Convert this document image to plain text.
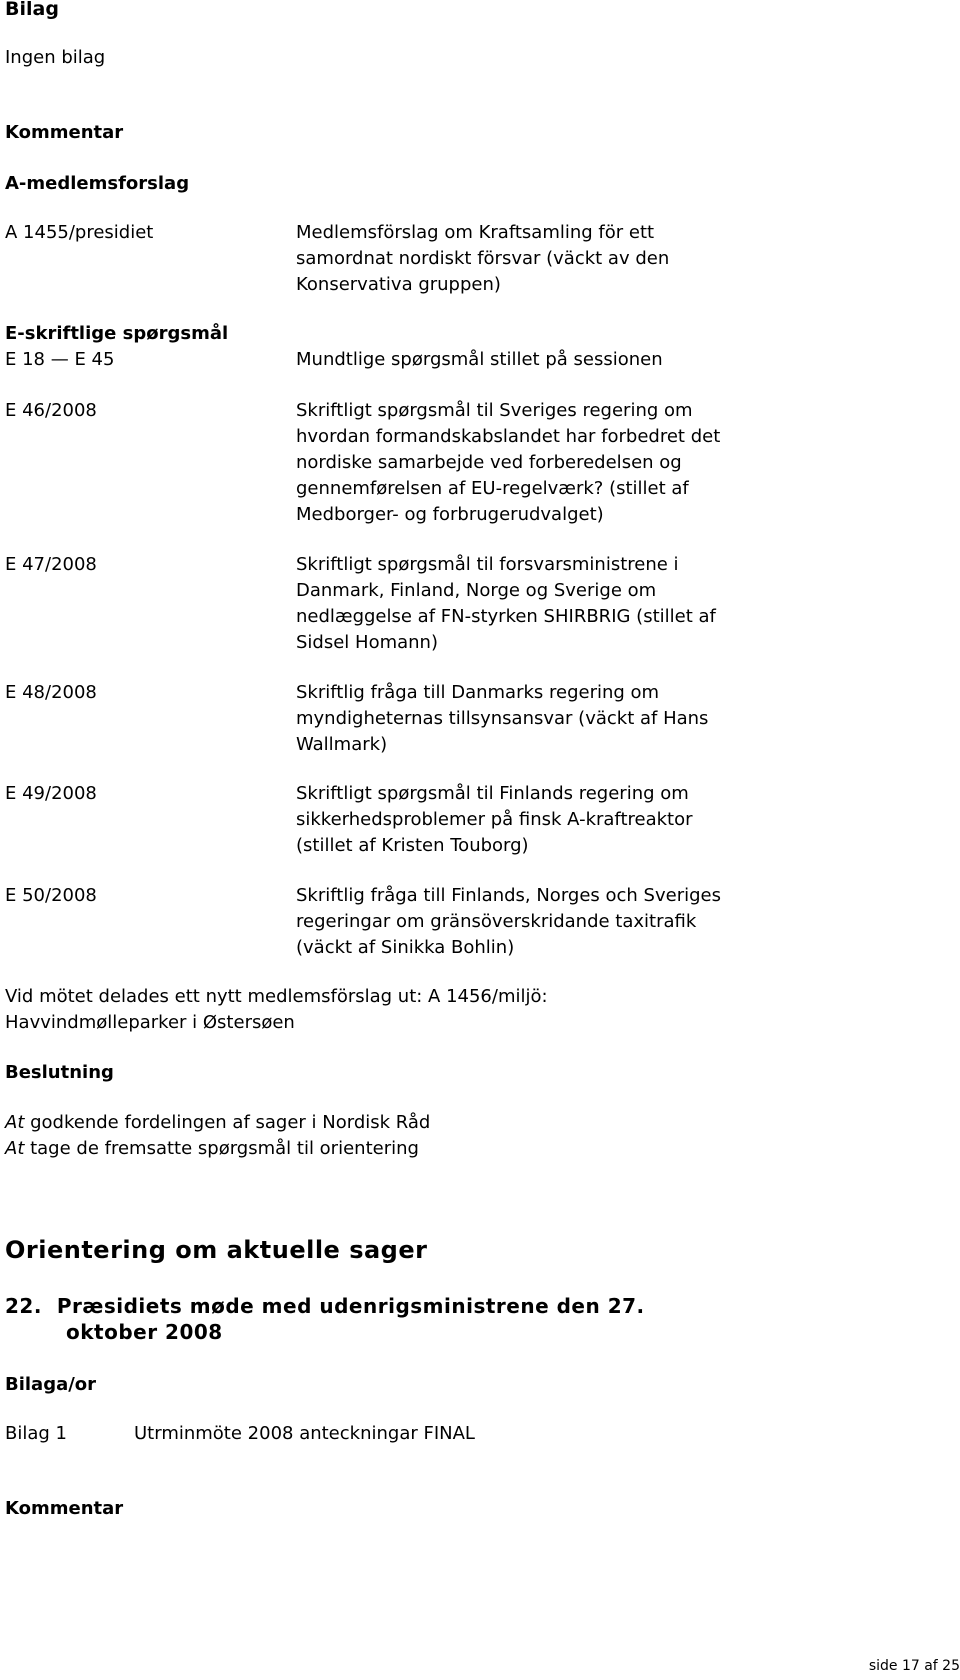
Bilag
Ingen bilag
Kommentar
A-medlemsforslag
A 1455/presidiet	Medlemsförslag om Kraftsamling för ett
samordnat nordiskt försvar (väckt av den
Konservativa gruppen)
E-skriftlige spørgsmål
E 18 — E 45	Mundtlige spørgsmål stillet på sessionen
E 46/2008	Skriftligt spørgsmål til Sveriges regering om
hvordan formandskabslandet har forbedret det
nordiske samarbejde ved forberedelsen og
gennemførelsen af EU-regelværk? (stillet af
Medborger- og forbrugerudvalget)
E 47/2008	Skriftligt spørgsmål til forsvarsministrene i
Danmark, Finland, Norge og Sverige om
nedlæggelse af FN-styrken SHIRBRIG (stillet af
Sidsel Homann)
E 48/2008	Skriftlig fråga till Danmarks regering om
myndigheternas tillsynsansvar (väckt af Hans
Wallmark)
E 49/2008	Skriftligt spørgsmål til Finlands regering om
sikkerhedsproblemer på finsk A-kraftreaktor
(stillet af Kristen Touborg)
E 50/2008	Skriftlig fråga till Finlands, Norges och Sveriges
regeringar om gränsöverskridande taxitrafik
(väckt af Sinikka Bohlin)
Vid mötet delades ett nytt medlemsförslag ut: A 1456/miljö:
Havvindmølleparker i Østersøen
Beslutning
At godkende fordelingen af sager i Nordisk Råd
At tage de fremsatte spørgsmål til orientering
Orientering om aktuelle sager
22.  Præsidiets møde med udenrigsministrene den 27.
oktober 2008
Bilaga/or
Bilag 1	Utrminmöte 2008 anteckningar FINAL
Kommentar
side 17 af 25
